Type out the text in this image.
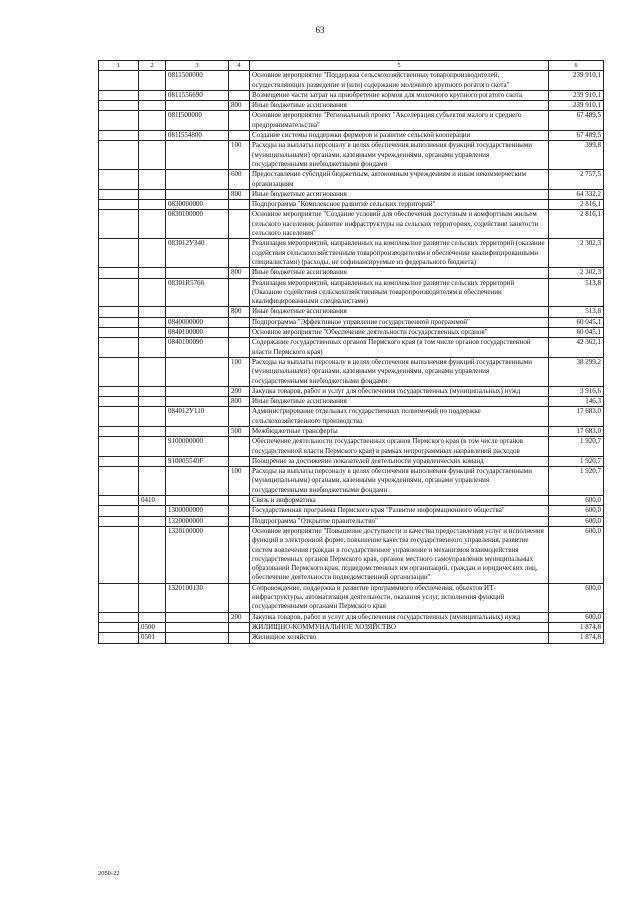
63
1	2	3	4	5	6
		0811500000		Основное мероприятие "Поддержка сельскохозяйственных товаропроизводителей, осуществляющих разведение и (или) содержание молочного крупного рогатого скота"	239 910,1
		0811556690		Возмещение части затрат на приобретение кормов для молочного крупного рогатого скота	239 910,1
			800	Иные бюджетные ассигнования	239 910,1
		081I500000		Основное мероприятие "Региональный проект "Акселерация субъектов малого и среднего предпринимательства"	67 489,5
		081I554800		Создание системы поддержки фермеров и развитие сельской кооперации	67 489,5
			100	Расходы на выплаты персоналу в целях обеспечения выполнения функций государственными (муниципальными) органами, казенными учреждениями, органами управления государственными внебюджетными фондами	399,8
			600	Предоставление субсидий бюджетным, автономным учреждениям и иным некоммерческим организациям	2 757,5
			800	Иные бюджетные ассигнования	64 332,2
		0830000000		Подпрограмма "Комплексное развитие сельских территорий"	2 816,1
		0830100000		Основное мероприятие "Создание условий для обеспечения доступным и комфортным жильем сельского населения, развитие инфраструктуры на сельских территориях, содействие занятости сельского населения"	2 816,1
		083012У340		Реализация мероприятий, направленных на комплексное развитие сельских территорий (оказание содействия сельскохозяйственным товаропроизводителям в обеспечении квалифицированными специалистами) (расходы, не софинансируемые из федерального бюджета)	2 302,3
			800	Иные бюджетные ассигнования	2 302,3
		08301R5766		Реализация мероприятий, направленных на комплексное развитие сельских территорий (Оказание содействия сельскохозяйственным товаропроизводителям в обеспечении квалифицированными специалистами)	513,8
			800	Иные бюджетные ассигнования	513,8
		0840000000		Подпрограмма "Эффективное управление государственной программой"	60 045,1
		0840100000		Основное мероприятие "Обеспечение деятельности государственных органов"	60 045,1
		0840100090		Содержание государственных органов Пермского края (в том числе органов государственной власти Пермского края)	42 362,1
			100	Расходы на выплаты персоналу в целях обеспечения выполнения функций государственными (муниципальными) органами, казенными учреждениями, органами управления государственными внебюджетными фондами	38 299,2
			200	Закупка товаров, работ и услуг для обеспечения государственных (муниципальных) нужд	3 916,6
			800	Иные бюджетные ассигнования	146,3
		084012У110		Администрирование отдельных государственных полномочий по поддержке сельскохозяйственного производства	17 683,0
			500	Межбюджетные трансферты	17 683,0
		9100000000		Обеспечение деятельности государственных органов Пермского края (в том числе органов государственной власти Пермского края) в рамках непрограммных направлений расходов	1 920,7
		910005549F		Поощрение за достижение показателей деятельности управленческих команд	1 920,7
			100	Расходы на выплаты персоналу в целях обеспечения выполнения функций государственными (муниципальными) органами, казенными учреждениями, органами управления государственными внебюджетными фондами	1 920,7
	0410			Связь и информатика	600,0
		1300000000		Государственная программа Пермского края "Развитие информационного общества"	600,0
		1320000000		Подпрограмма "Открытое правительство"	600,0
		1320100000		Основное мероприятие "Повышение доступности и качества предоставления услуг и исполнения функций в электронной форме, повышение качества государственного управления, развитие систем вовлечения граждан в государственное управление и механизмов взаимодействия государственных органов Пермского края, органов местного самоуправления муниципальных образований Пермского края, подведомственных им организаций, граждан и юридических лиц, обеспечение деятельности подведомственной организации"	600,0
		1320100130		Сопровождение, поддержка и развитие программного обеспечения, объектов ИТ-инфраструктуры, автоматизация деятельности, оказания услуг, исполнения функций государственными органами Пермского края	600,0
			200	Закупка товаров, работ и услуг для обеспечения государственных (муниципальных) нужд	600,0
	0500			ЖИЛИЩНО-КОММУНАЛЬНОЕ ХОЗЯЙСТВО	1 874,8
	0501			Жилищное хозяйство	1 874,8
2050-22
